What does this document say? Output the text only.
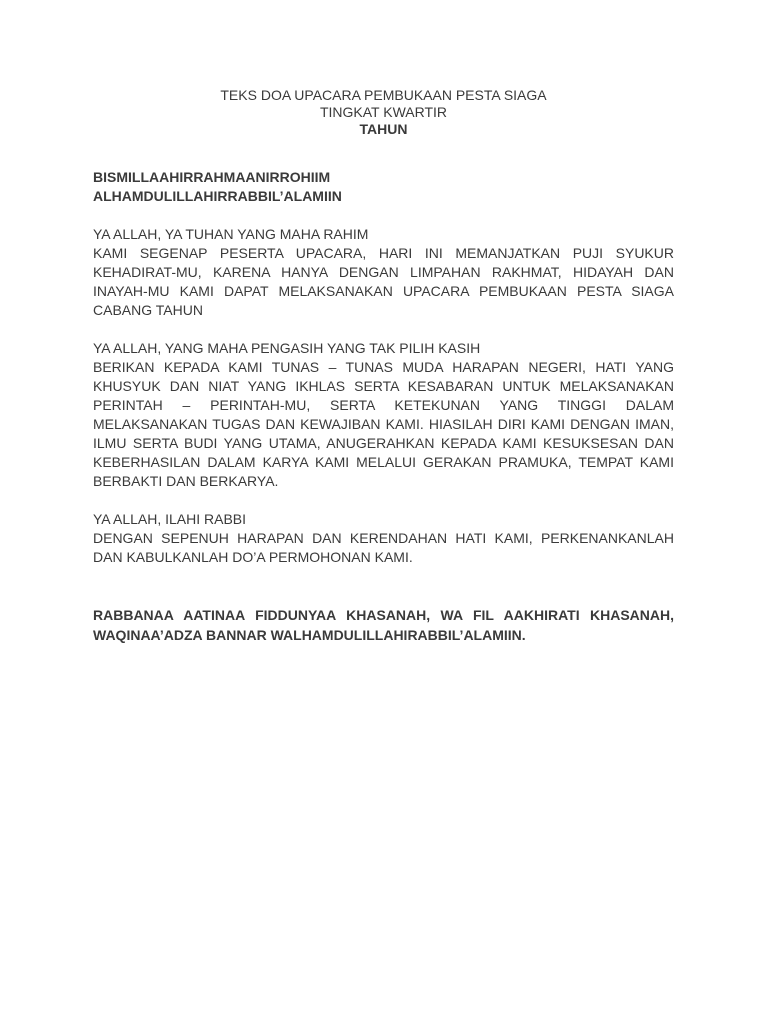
TEKS DOA UPACARA PEMBUKAAN PESTA SIAGA
TINGKAT KWARTIR
TAHUN

BISMILLAAHIRRAHMAANIRROHIIM

ALHAMDULILLAHIRRABBIL’ALAMIIN

YA ALLAH, YA TUHAN YANG MAHA RAHIM

KAMI SEGENAP PESERTA UPACARA, HARI INI MEMANJATKAN PUJI SYUKUR KEHADIRAT-MU, KARENA HANYA DENGAN LIMPAHAN RAKHMAT, HIDAYAH DAN INAYAH-MU KAMI DAPAT MELAKSANAKAN UPACARA PEMBUKAAN PESTA SIAGA CABANG TAHUN

YA ALLAH, YANG MAHA PENGASIH YANG TAK PILIH KASIH

BERIKAN KEPADA KAMI TUNAS – TUNAS MUDA HARAPAN NEGERI, HATI YANG KHUSYUK DAN NIAT YANG IKHLAS SERTA KESABARAN UNTUK MELAKSANAKAN PERINTAH – PERINTAH-MU, SERTA KETEKUNAN YANG TINGGI DALAM MELAKSANAKAN TUGAS DAN KEWAJIBAN KAMI. HIASILAH DIRI KAMI DENGAN IMAN, ILMU SERTA BUDI YANG UTAMA, ANUGERAHKAN KEPADA KAMI KESUKSESAN DAN KEBERHASILAN DALAM KARYA KAMI MELALUI GERAKAN PRAMUKA, TEMPAT KAMI BERBAKTI DAN BERKARYA.

YA ALLAH, ILAHI RABBI

DENGAN SEPENUH HARAPAN DAN KERENDAHAN HATI KAMI, PERKENANKANLAH DAN KABULKANLAH DO’A PERMOHONAN KAMI.

RABBANAA AATINAA FIDDUNYAA KHASANAH, WA FIL AAKHIRATI KHASANAH, WAQINAA’ADZA BANNAR WALHAMDULILLAHIRABBIL’ALAMIIN.
